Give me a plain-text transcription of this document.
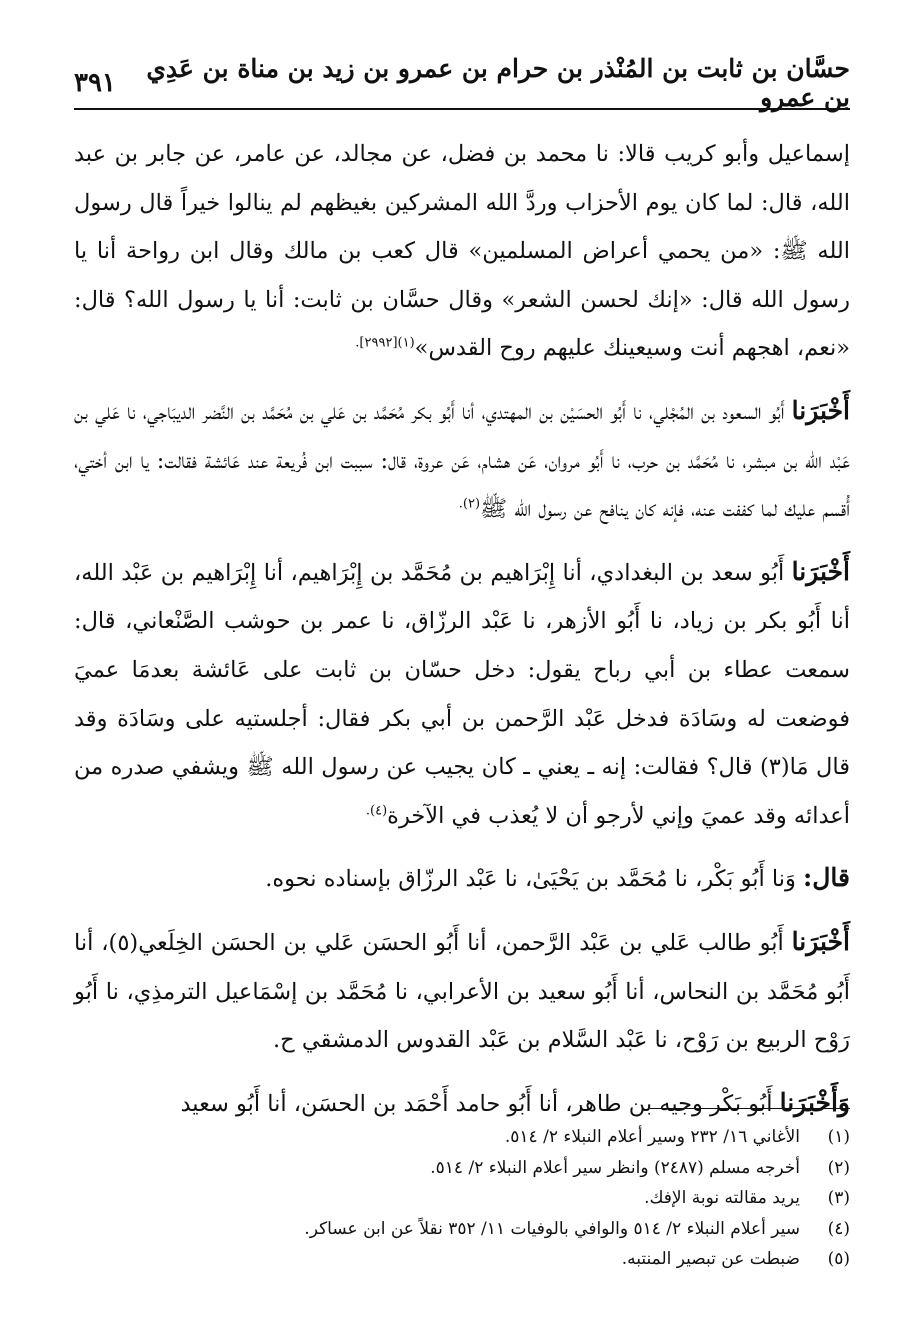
حسَّان بن ثابت بن المُنْذر بن حرام بن عمرو بن زيد بن مناة بن عَدِي بن عمرو
٣٩١

إسماعيل وأبو كريب قالا: نا محمد بن فضل، عن مجالد، عن عامر، عن جابر بن عبد الله، قال: لما كان يوم الأحزاب وردَّ الله المشركين بغيظهم لم ينالوا خيراً قال رسول الله ﷺ: «من يحمي أعراض المسلمين» قال كعب بن مالك وقال ابن رواحة أنا يا رسول الله قال: «إنك لحسن الشعر» وقال حسَّان بن ثابت: أنا يا رسول الله؟ قال: «نعم، اهجهم أنت وسيعينك عليهم روح القدس»$^{(١)[٢٩٩٢].}$

أَخْبَرَنا أَبُو السعود بن المُجْلي، نا أَبُو الحسَيْن بن المهتدي، أنا أَبُو بكر مُحَمَّد بن عَلي بن مُحَمَّد بن النَّضر الديبَاجي، نا عَلي بن عَبْد الله بن مبشر، نا مُحَمَّد بن حرب، نا أَبُو مروان، عَن هشام، عَن عروة، قال: سببت ابن فُريعة عند عَائشة فقالت: يا ابن أختي، أُقسم عليك لما كففت عنه، فإنه كان ينافح عن رسول الله ﷺ$^{(٢).}$

أَخْبَرَنا أَبُو سعد بن البغدادي، أنا إِبْرَاهيم بن مُحَمَّد بن إِبْرَاهيم، أنا إِبْرَاهيم بن عَبْد الله، أنا أَبُو بكر بن زياد، نا أَبُو الأزهر، نا عَبْد الرزّاق، نا عمر بن حوشب الصَّنْعاني، قال: سمعت عطاء بن أبي رباح يقول: دخل حسّان بن ثابت على عَائشة بعدمَا عميَ فوضعت له وسَادَة فدخل عَبْد الرَّحمن بن أبي بكر فقال: أجلستيه على وسَادَة وقد قال مَا(٣) قال؟ فقالت: إنه ـ يعني ـ كان يجيب عن رسول الله ﷺ ويشفي صدره من أعدائه وقد عميَ وإني لأرجو أن لا يُعذب في الآخرة$^{(٤).}$

قال: وَنا أَبُو بَكْر، نا مُحَمَّد بن يَحْيَىٰ، نا عَبْد الرزّاق بإسناده نحوه.

أَخْبَرَنا أَبُو طالب عَلي بن عَبْد الرَّحمن، أنا أَبُو الحسَن عَلي بن الحسَن الخِلَعي(٥)، أنا أَبُو مُحَمَّد بن النحاس، أنا أَبُو سعيد بن الأعرابي، نا مُحَمَّد بن إسْمَاعيل الترمذِي، نا أَبُو رَوْح الربيع بن رَوْح، نا عَبْد السَّلام بن عَبْد القدوس الدمشقي ح.

وَأَخْبَرَنا أَبُو بَكْر وجيه بن طاهر، أنا أَبُو حامد أَحْمَد بن الحسَن، أنا أَبُو سعيد

(١)
الأغاني ١٦/ ٢٣٢ وسير أعلام النبلاء ٢/ ٥١٤.
(٢)
أخرجه مسلم (٢٤٨٧) وانظر سير أعلام النبلاء ٢/ ٥١٤.
(٣)
يريد مقالته نوبة الإفك.
(٤)
سير أعلام النبلاء ٢/ ٥١٤ والوافي بالوفيات ١١/ ٣٥٢ نقلاً عن ابن عساكر.
(٥)
ضبطت عن تبصير المنتبه.
